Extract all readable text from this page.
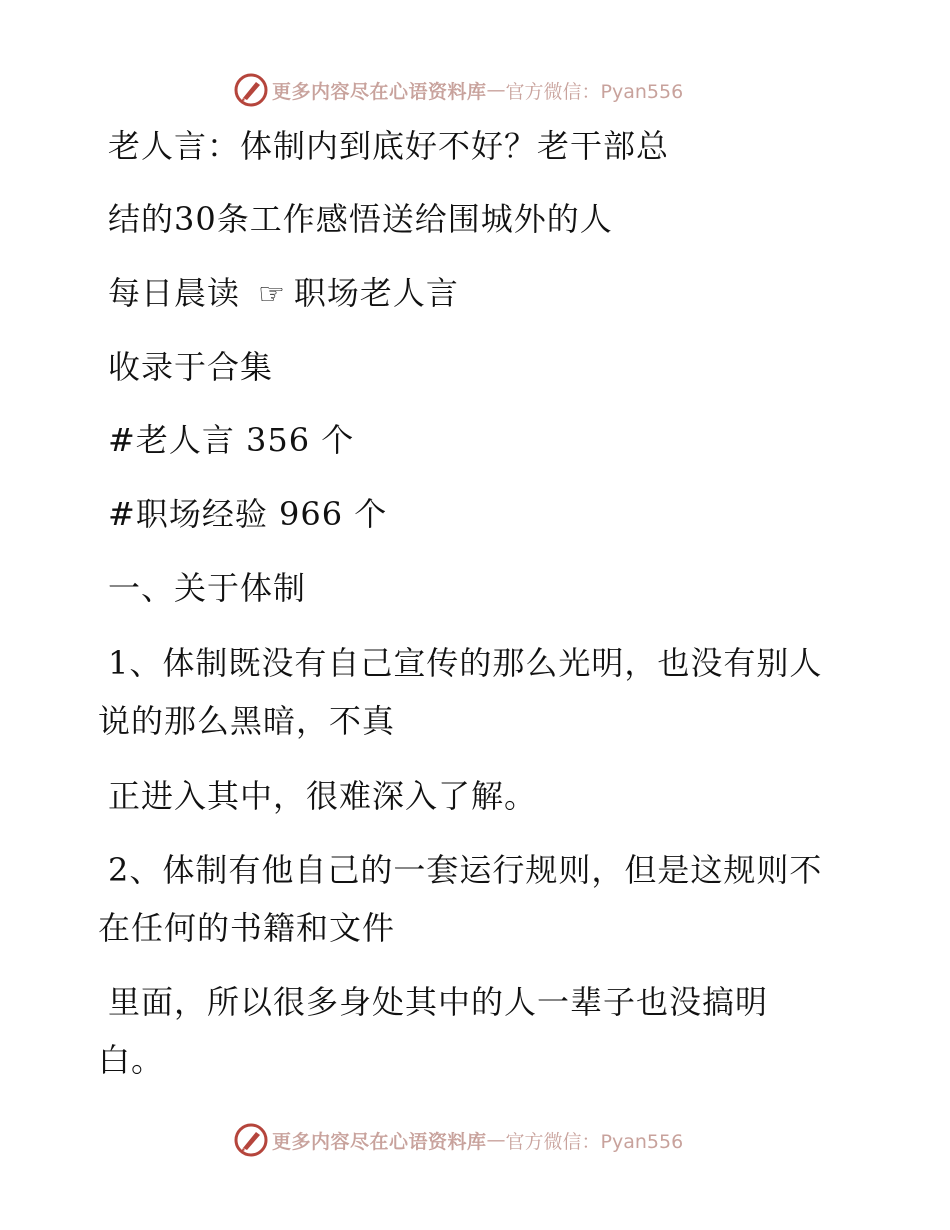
更多内容尽在心语资料库 — 官方微信：Pyan556
老人言：体制内到底好不好？老干部总
结的30条工作感悟送给围城外的人
每日晨读 ☞ 职场老人言
收录于合集
#老人言 356 个
#职场经验 966 个
一、关于体制
1、体制既没有自己宣传的那么光明，也没有别人
说的那么黑暗，不真
正进入其中，很难深入了解。
2、体制有他自己的一套运行规则，但是这规则不
在任何的书籍和文件
里面，所以很多身处其中的人一辈子也没搞明
白。
更多内容尽在心语资料库 — 官方微信：Pyan556
